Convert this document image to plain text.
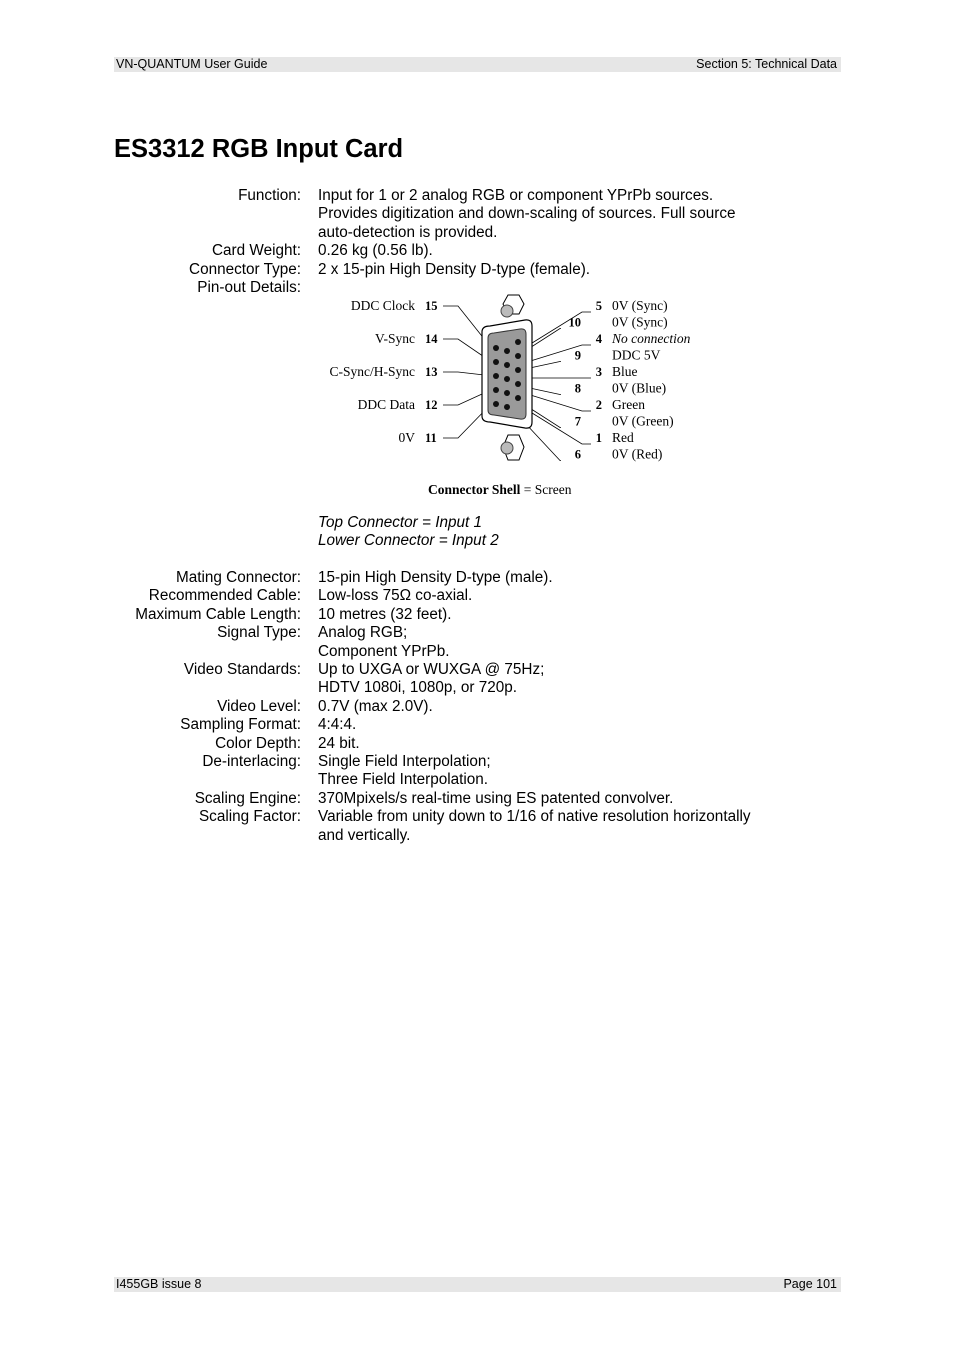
VN-QUANTUM User Guide	Section 5: Technical Data
ES3312 RGB Input Card
Function: Input for 1 or 2 analog RGB or component YPrPb sources.
Provides digitization and down-scaling of sources. Full source
auto-detection is provided.
Card Weight: 0.26 kg (0.56 lb).
Connector Type: 2 x 15-pin High Density D-type (female).
Pin-out Details:
DDC Clock 15
V-Sync 14
C-Sync/H-Sync 13
DDC Data 12
0V 11
5 0V (Sync)
10 0V (Sync)
4 No connection
9 DDC 5V
3 Blue
8 0V (Blue)
2 Green
7 0V (Green)
1 Red
6 0V (Red)
Connector Shell = Screen
Top Connector = Input 1
Lower Connector = Input 2
Mating Connector: 15-pin High Density D-type (male).
Recommended Cable: Low-loss 75Ω co-axial.
Maximum Cable Length: 10 metres (32 feet).
Signal Type: Analog RGB;
Component YPrPb.
Video Standards: Up to UXGA or WUXGA @ 75Hz;
HDTV 1080i, 1080p, or 720p.
Video Level: 0.7V (max 2.0V).
Sampling Format: 4:4:4.
Color Depth: 24 bit.
De-interlacing: Single Field Interpolation;
Three Field Interpolation.
Scaling Engine: 370Mpixels/s real-time using ES patented convolver.
Scaling Factor: Variable from unity down to 1/16 of native resolution horizontally
and vertically.
I455GB issue 8	Page 101
